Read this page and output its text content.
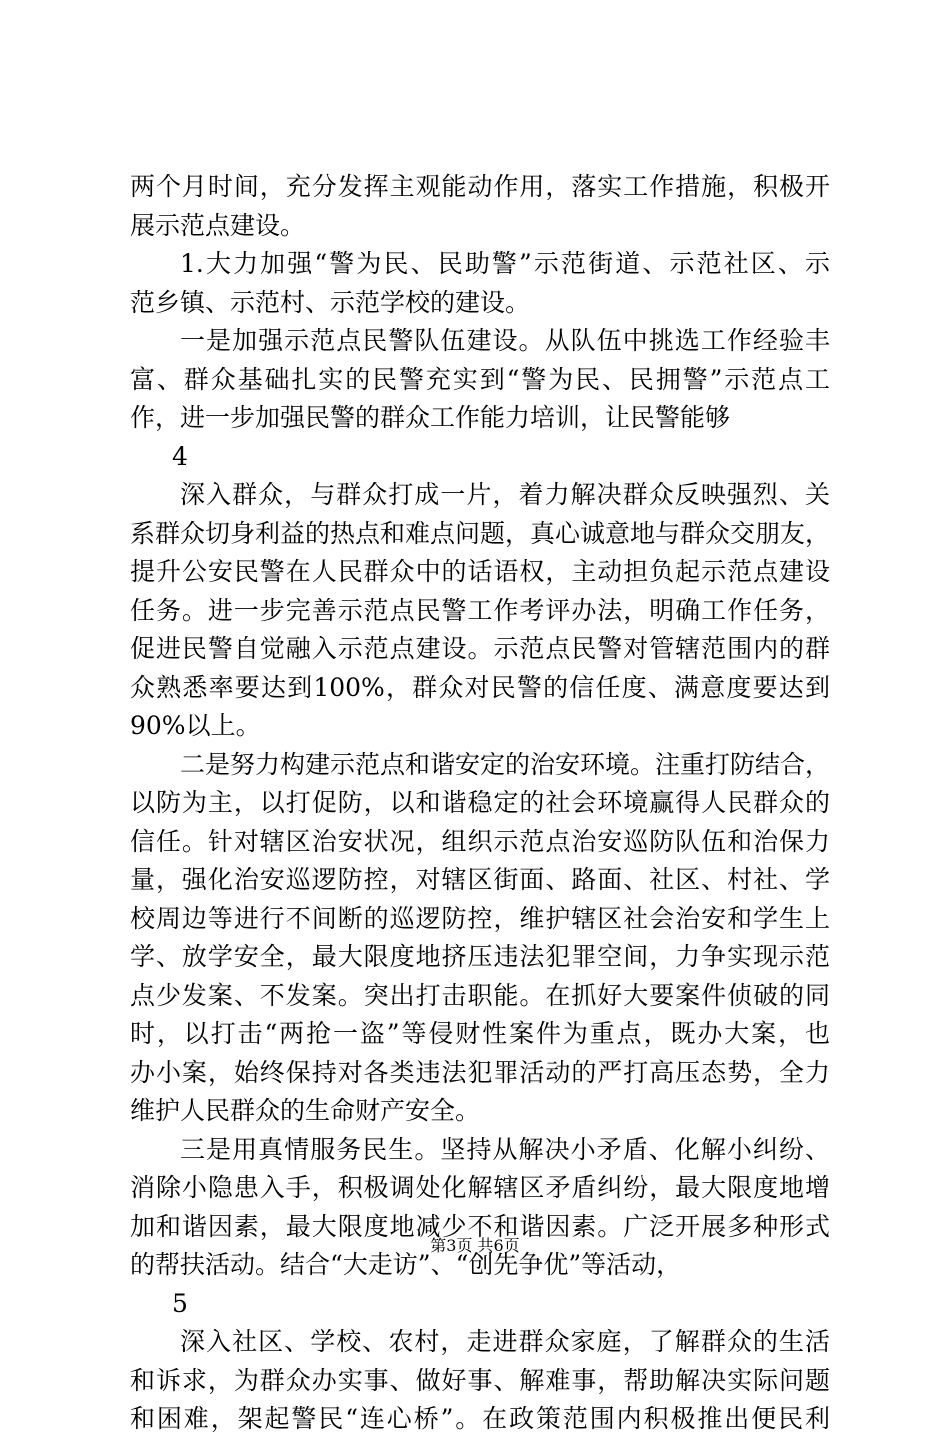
两个月时间，充分发挥主观能动作用，落实工作措施，积极开
展示范点建设。
1.大力加强“警为民、民助警”示范街道、示范社区、示
范乡镇、示范村、示范学校的建设。
一是加强示范点民警队伍建设。从队伍中挑选工作经验丰
富、群众基础扎实的民警充实到“警为民、民拥警”示范点工
作，进一步加强民警的群众工作能力培训，让民警能够
4
深入群众，与群众打成一片，着力解决群众反映强烈、关
系群众切身利益的热点和难点问题，真心诚意地与群众交朋友，
提升公安民警在人民群众中的话语权，主动担负起示范点建设
任务。进一步完善示范点民警工作考评办法，明确工作任务，
促进民警自觉融入示范点建设。示范点民警对管辖范围内的群
众熟悉率要达到100%，群众对民警的信任度、满意度要达到
90%以上。
二是努力构建示范点和谐安定的治安环境。注重打防结合，
以防为主，以打促防，以和谐稳定的社会环境赢得人民群众的
信任。针对辖区治安状况，组织示范点治安巡防队伍和治保力
量，强化治安巡逻防控，对辖区街面、路面、社区、村社、学
校周边等进行不间断的巡逻防控，维护辖区社会治安和学生上
学、放学安全，最大限度地挤压违法犯罪空间，力争实现示范
点少发案、不发案。突出打击职能。在抓好大要案件侦破的同
时，以打击“两抢一盗”等侵财性案件为重点，既办大案，也
办小案，始终保持对各类违法犯罪活动的严打高压态势，全力
维护人民群众的生命财产安全。
三是用真情服务民生。坚持从解决小矛盾、化解小纠纷、
消除小隐患入手，积极调处化解辖区矛盾纠纷，最大限度地增
加和谐因素，最大限度地减少不和谐因素。广泛开展多种形式
的帮扶活动。结合“大走访”、“创先争优”等活动，
5
深入社区、学校、农村，走进群众家庭，了解群众的生活
和诉求，为群众办实事、做好事、解难事，帮助解决实际问题
和困难，架起警民“连心桥”。在政策范围内积极推出便民利
第3页 共6页
